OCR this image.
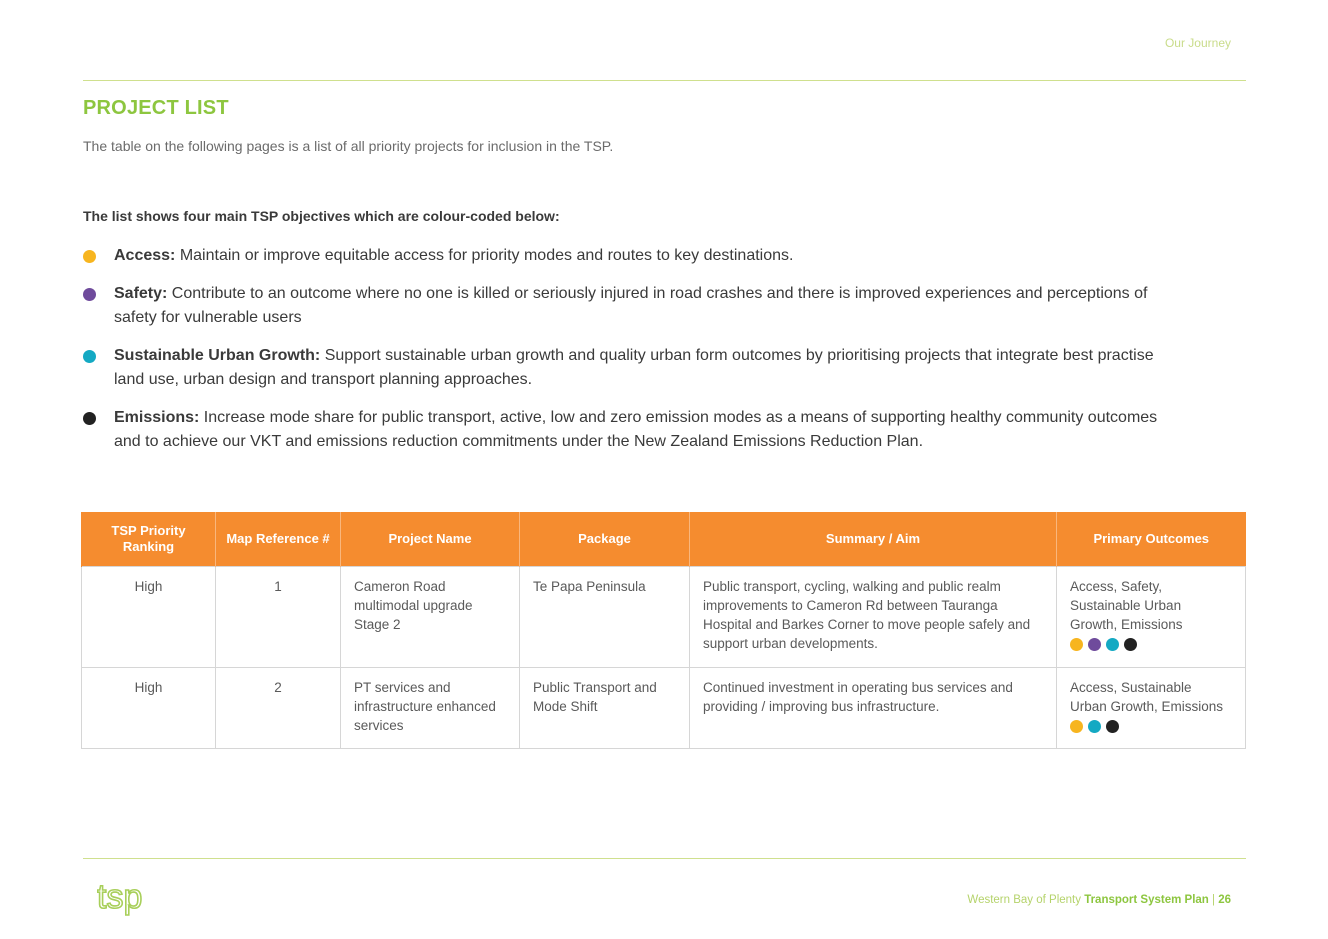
Our Journey
PROJECT LIST

The table on the following pages is a list of all priority projects for inclusion in the TSP.

The list shows four main TSP objectives which are colour-coded below:

Access: Maintain or improve equitable access for priority modes and routes to key destinations.
Safety: Contribute to an outcome where no one is killed or seriously injured in road crashes and there is improved experiences and perceptions of safety for vulnerable users
Sustainable Urban Growth: Support sustainable urban growth and quality urban form outcomes by prioritising projects that integrate best practise land use, urban design and transport planning approaches.
Emissions: Increase mode share for public transport, active, low and zero emission modes as a means of supporting healthy community outcomes and to achieve our VKT and emissions reduction commitments under the New Zealand Emissions Reduction Plan.
TSP Priority Ranking	Map Reference #	Project Name	Package	Summary / Aim	Primary Outcomes
High	1	Cameron Road multimodal upgrade Stage 2	Te Papa Peninsula	Public transport, cycling, walking and public realm improvements to Cameron Rd between Tauranga Hospital and Barkes Corner to move people safely and support urban developments.	Access, Safety, Sustainable Urban Growth, Emissions

High	2	PT services and infrastructure enhanced services	Public Transport and Mode Shift	Continued investment in operating bus services and providing / improving bus infrastructure.	Access, Sustainable Urban Growth, Emissions
tsp	Western Bay of Plenty Transport System Plan | 26
